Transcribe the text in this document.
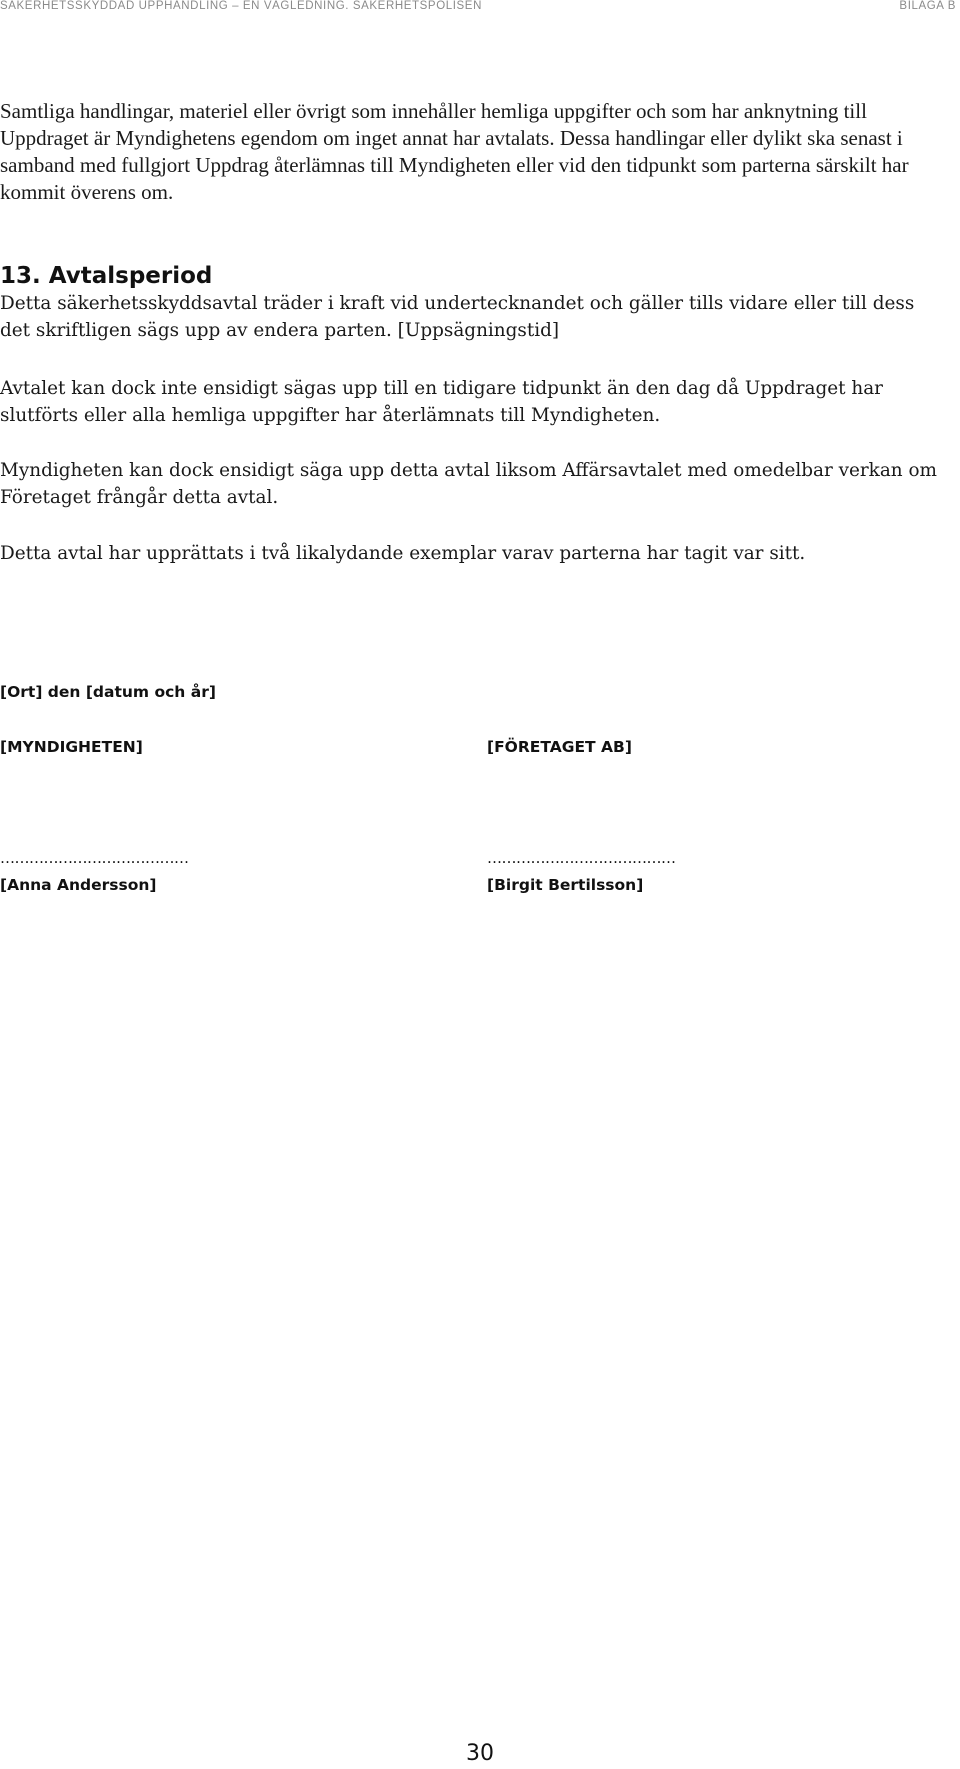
SÄKERHETSSKYDDAD UPPHANDLING – EN VÄGLEDNING. SÄKERHETSPOLISEN	BILAGA B

Samtliga handlingar, materiel eller övrigt som innehåller hemliga uppgifter och som har anknytning till Uppdraget är Myndighetens egendom om inget annat har avtalats. Dessa handlingar eller dylikt ska senast i samband med fullgjort Uppdrag återlämnas till Myndigheten eller vid den tidpunkt som parterna särskilt har kommit överens om.

13. Avtalsperiod

Detta säkerhetsskyddsavtal träder i kraft vid undertecknandet och gäller tills vidare eller till dess det skriftligen sägs upp av endera parten. [Uppsägningstid]

Avtalet kan dock inte ensidigt sägas upp till en tidigare tidpunkt än den dag då Uppdraget har slutförts eller alla hemliga uppgifter har återlämnats till Myndigheten.

Myndigheten kan dock ensidigt säga upp detta avtal liksom Affärsavtalet med omedelbar verkan om Företaget frångår detta avtal.

Detta avtal har upprättats i två likalydande exemplar varav parterna har tagit var sitt.

[Ort] den [datum och år]

[MYNDIGHETEN]	[FÖRETAGET AB]

…………………………………	…………………………………

[Anna Andersson]	[Birgit Bertilsson]

30
